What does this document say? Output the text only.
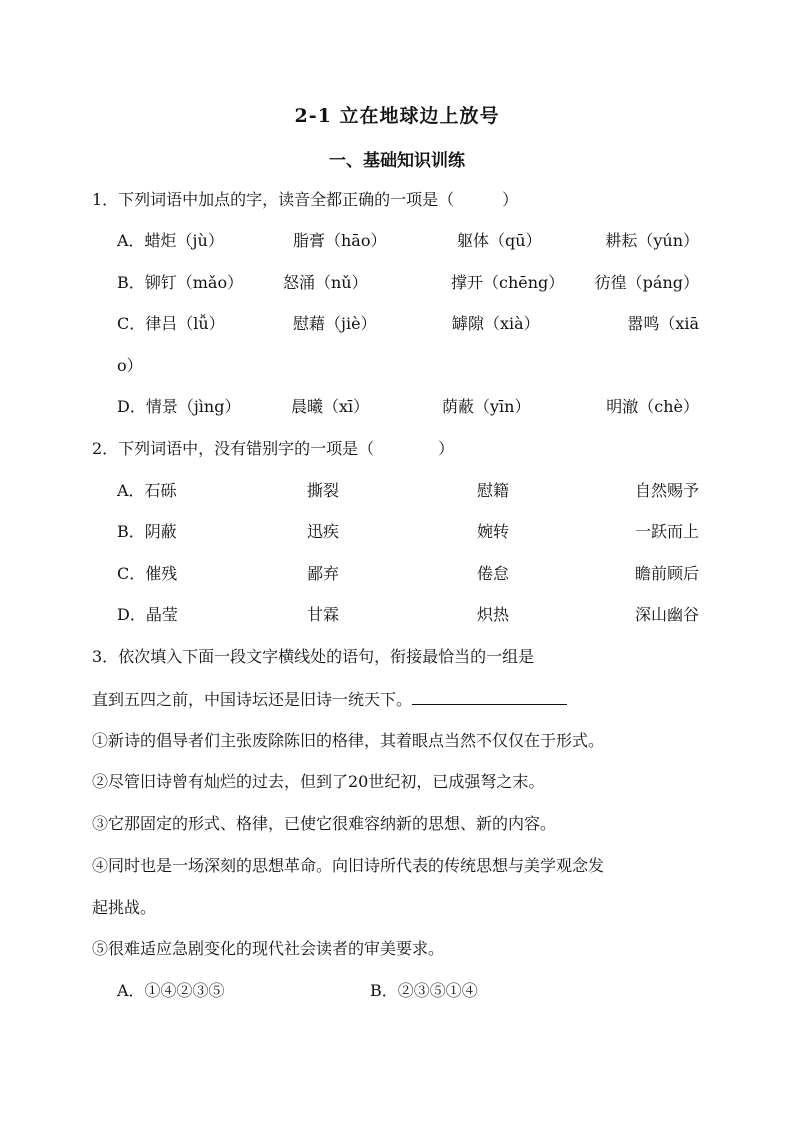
2-1 立在地球边上放号
一、基础知识训练
1．下列词语中加点的字，读音全都正确的一项是（　　　）
A．蜡炬（jù）	脂膏（hāo）	躯体（qū）	耕耘（yún）
B．铆钉（mǎo） 怒涌（nǔ）	撑开（chēng） 彷徨（páng）
C．律吕（lǚ）	慰藉（jiè）	罅隙（xià）	嚣鸣（xiā
o）
D．情景（jìng）	晨曦（xī）	荫蔽（yīn）	明澈（chè）
2．下列词语中，没有错别字的一项是（　　　　）
A．石砾	撕裂	慰籍	自然赐予
B．阴蔽	迅疾	婉转	一跃而上
C．催残	鄙弃	倦怠	瞻前顾后
D．晶莹	甘霖	炽热	深山幽谷
3．依次填入下面一段文字横线处的语句，衔接最恰当的一组是
直到五四之前，中国诗坛还是旧诗一统天下。
①新诗的倡导者们主张废除陈旧的格律，其着眼点当然不仅仅在于形式。
②尽管旧诗曾有灿烂的过去，但到了20世纪初，已成强弩之末。
③它那固定的形式、格律，已使它很难容纳新的思想、新的内容。
④同时也是一场深刻的思想革命。向旧诗所代表的传统思想与美学观念发
起挑战。
⑤很难适应急剧变化的现代社会读者的审美要求。
A．①④②③⑤	B．②③⑤①④
